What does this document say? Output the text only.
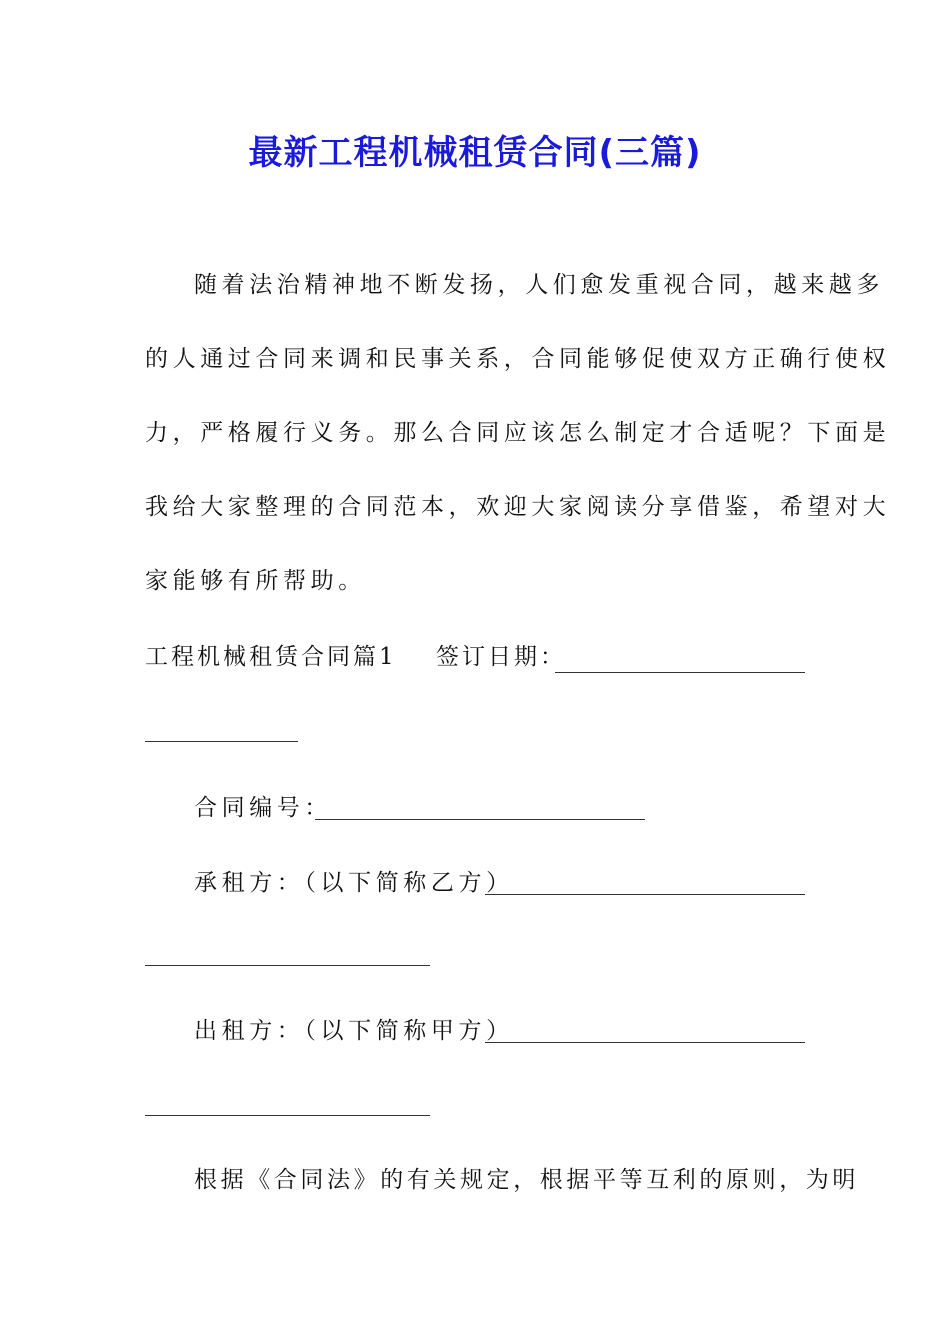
最新工程机械租赁合同(三篇)
随着法治精神地不断发扬，人们愈发重视合同，越来越多
的人通过合同来调和民事关系，合同能够促使双方正确行使权
力，严格履行义务。那么合同应该怎么制定才合适呢？下面是
我给大家整理的合同范本，欢迎大家阅读分享借鉴，希望对大
家能够有所帮助。
工程机械租赁合同篇1 签订日期：
合同编号：
承租方：（以下简称乙方）
出租方：（以下简称甲方）
根据《合同法》的有关规定，根据平等互利的原则，为明
